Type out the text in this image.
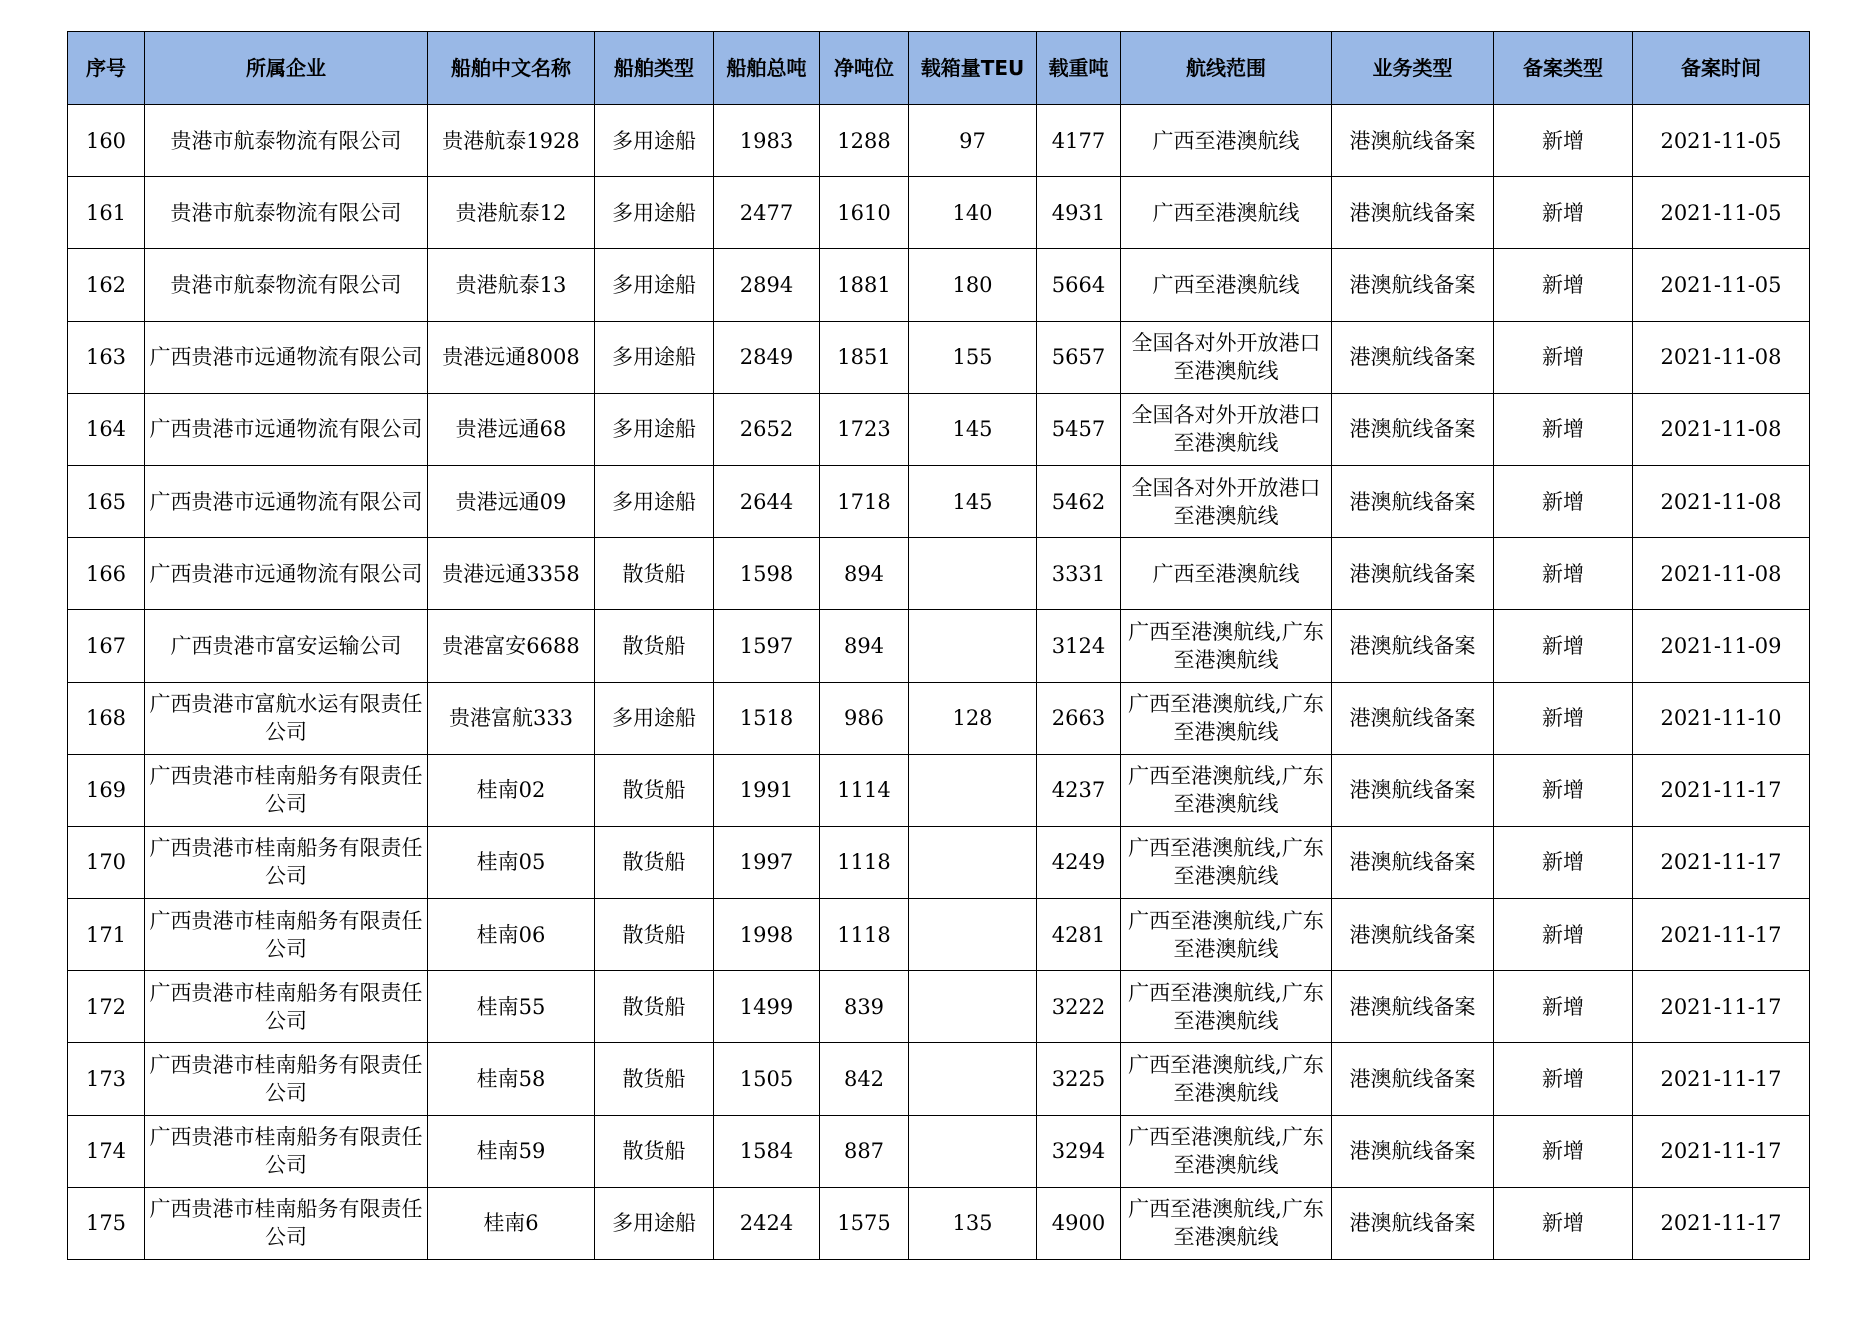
序号	所属企业	船舶中文名称	船舶类型	船舶总吨	净吨位	载箱量TEU	载重吨	航线范围	业务类型	备案类型	备案时间
160	贵港市航泰物流有限公司	贵港航泰1928	多用途船	1983	1288	97	4177	广西至港澳航线	港澳航线备案	新增	2021-11-05
161	贵港市航泰物流有限公司	贵港航泰12	多用途船	2477	1610	140	4931	广西至港澳航线	港澳航线备案	新增	2021-11-05
162	贵港市航泰物流有限公司	贵港航泰13	多用途船	2894	1881	180	5664	广西至港澳航线	港澳航线备案	新增	2021-11-05
163	广西贵港市远通物流有限公司	贵港远通8008	多用途船	2849	1851	155	5657	全国各对外开放港口至港澳航线	港澳航线备案	新增	2021-11-08
164	广西贵港市远通物流有限公司	贵港远通68	多用途船	2652	1723	145	5457	全国各对外开放港口至港澳航线	港澳航线备案	新增	2021-11-08
165	广西贵港市远通物流有限公司	贵港远通09	多用途船	2644	1718	145	5462	全国各对外开放港口至港澳航线	港澳航线备案	新增	2021-11-08
166	广西贵港市远通物流有限公司	贵港远通3358	散货船	1598	894		3331	广西至港澳航线	港澳航线备案	新增	2021-11-08
167	广西贵港市富安运输公司	贵港富安6688	散货船	1597	894		3124	广西至港澳航线,广东至港澳航线	港澳航线备案	新增	2021-11-09
168	广西贵港市富航水运有限责任公司	贵港富航333	多用途船	1518	986	128	2663	广西至港澳航线,广东至港澳航线	港澳航线备案	新增	2021-11-10
169	广西贵港市桂南船务有限责任公司	桂南02	散货船	1991	1114		4237	广西至港澳航线,广东至港澳航线	港澳航线备案	新增	2021-11-17
170	广西贵港市桂南船务有限责任公司	桂南05	散货船	1997	1118		4249	广西至港澳航线,广东至港澳航线	港澳航线备案	新增	2021-11-17
171	广西贵港市桂南船务有限责任公司	桂南06	散货船	1998	1118		4281	广西至港澳航线,广东至港澳航线	港澳航线备案	新增	2021-11-17
172	广西贵港市桂南船务有限责任公司	桂南55	散货船	1499	839		3222	广西至港澳航线,广东至港澳航线	港澳航线备案	新增	2021-11-17
173	广西贵港市桂南船务有限责任公司	桂南58	散货船	1505	842		3225	广西至港澳航线,广东至港澳航线	港澳航线备案	新增	2021-11-17
174	广西贵港市桂南船务有限责任公司	桂南59	散货船	1584	887		3294	广西至港澳航线,广东至港澳航线	港澳航线备案	新增	2021-11-17
175	广西贵港市桂南船务有限责任公司	桂南6	多用途船	2424	1575	135	4900	广西至港澳航线,广东至港澳航线	港澳航线备案	新增	2021-11-17
